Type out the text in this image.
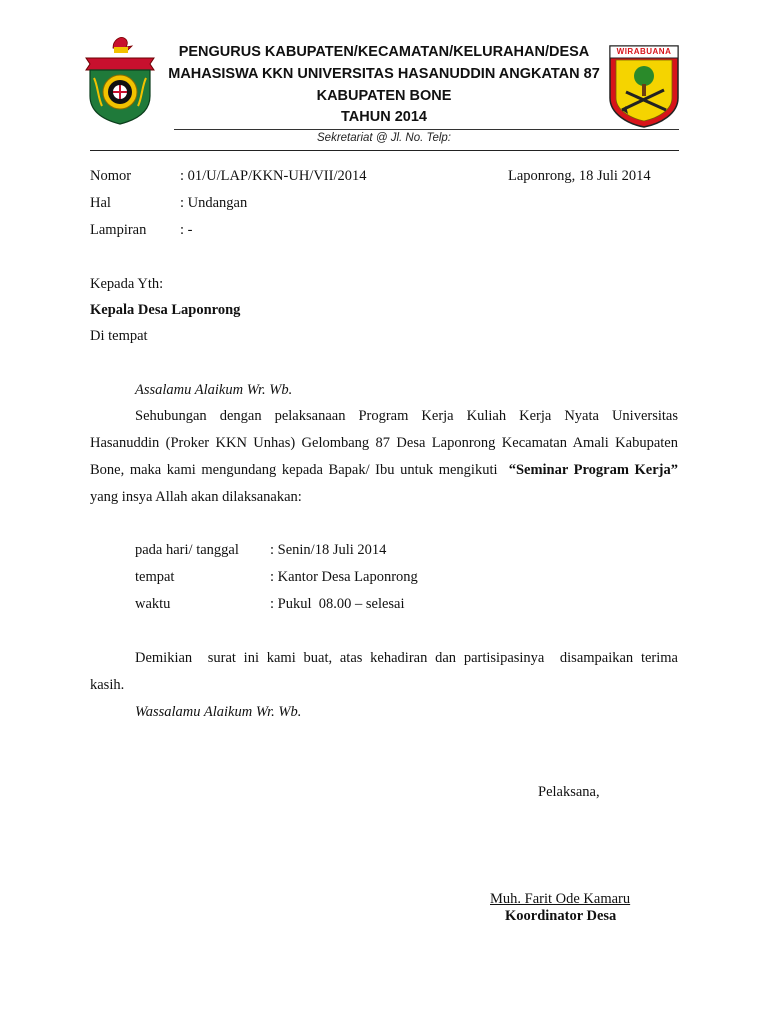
PENGURUS KABUPATEN/KECAMATAN/KELURAHAN/DESA
MAHASISWA KKN UNIVERSITAS HASANUDDIN ANGKATAN 87
KABUPATEN BONE
TAHUN 2014
WIRABUANA
Sekretariat @ Jl. No. Telp:
Nomor	: 01/U/LAP/KKN-UH/VII/2014	Laponrong, 18 Juli 2014
Hal	: Undangan
Lampiran : -
Kepada Yth:
Kepala Desa Laponrong
Di tempat
Assalamu Alaikum Wr. Wb.
Sehubungan dengan pelaksanaan Program Kerja Kuliah Kerja Nyata Universitas
Hasanuddin (Proker KKN Unhas) Gelombang 87 Desa Laponrong Kecamatan Amali Kabupaten
Bone, maka kami mengundang kepada Bapak/ Ibu untuk mengikuti  “Seminar Program Kerja”
yang insya Allah akan dilaksanakan:
pada hari/ tanggal : Senin/18 Juli 2014
tempat	: Kantor Desa Laponrong
waktu	: Pukul  08.00 – selesai
Demikian  surat ini kami buat, atas kehadiran dan partisipasinya  disampaikan terima
kasih.
Wassalamu Alaikum Wr. Wb.
Pelaksana,
Muh. Farit Ode Kamaru
Koordinator Desa
